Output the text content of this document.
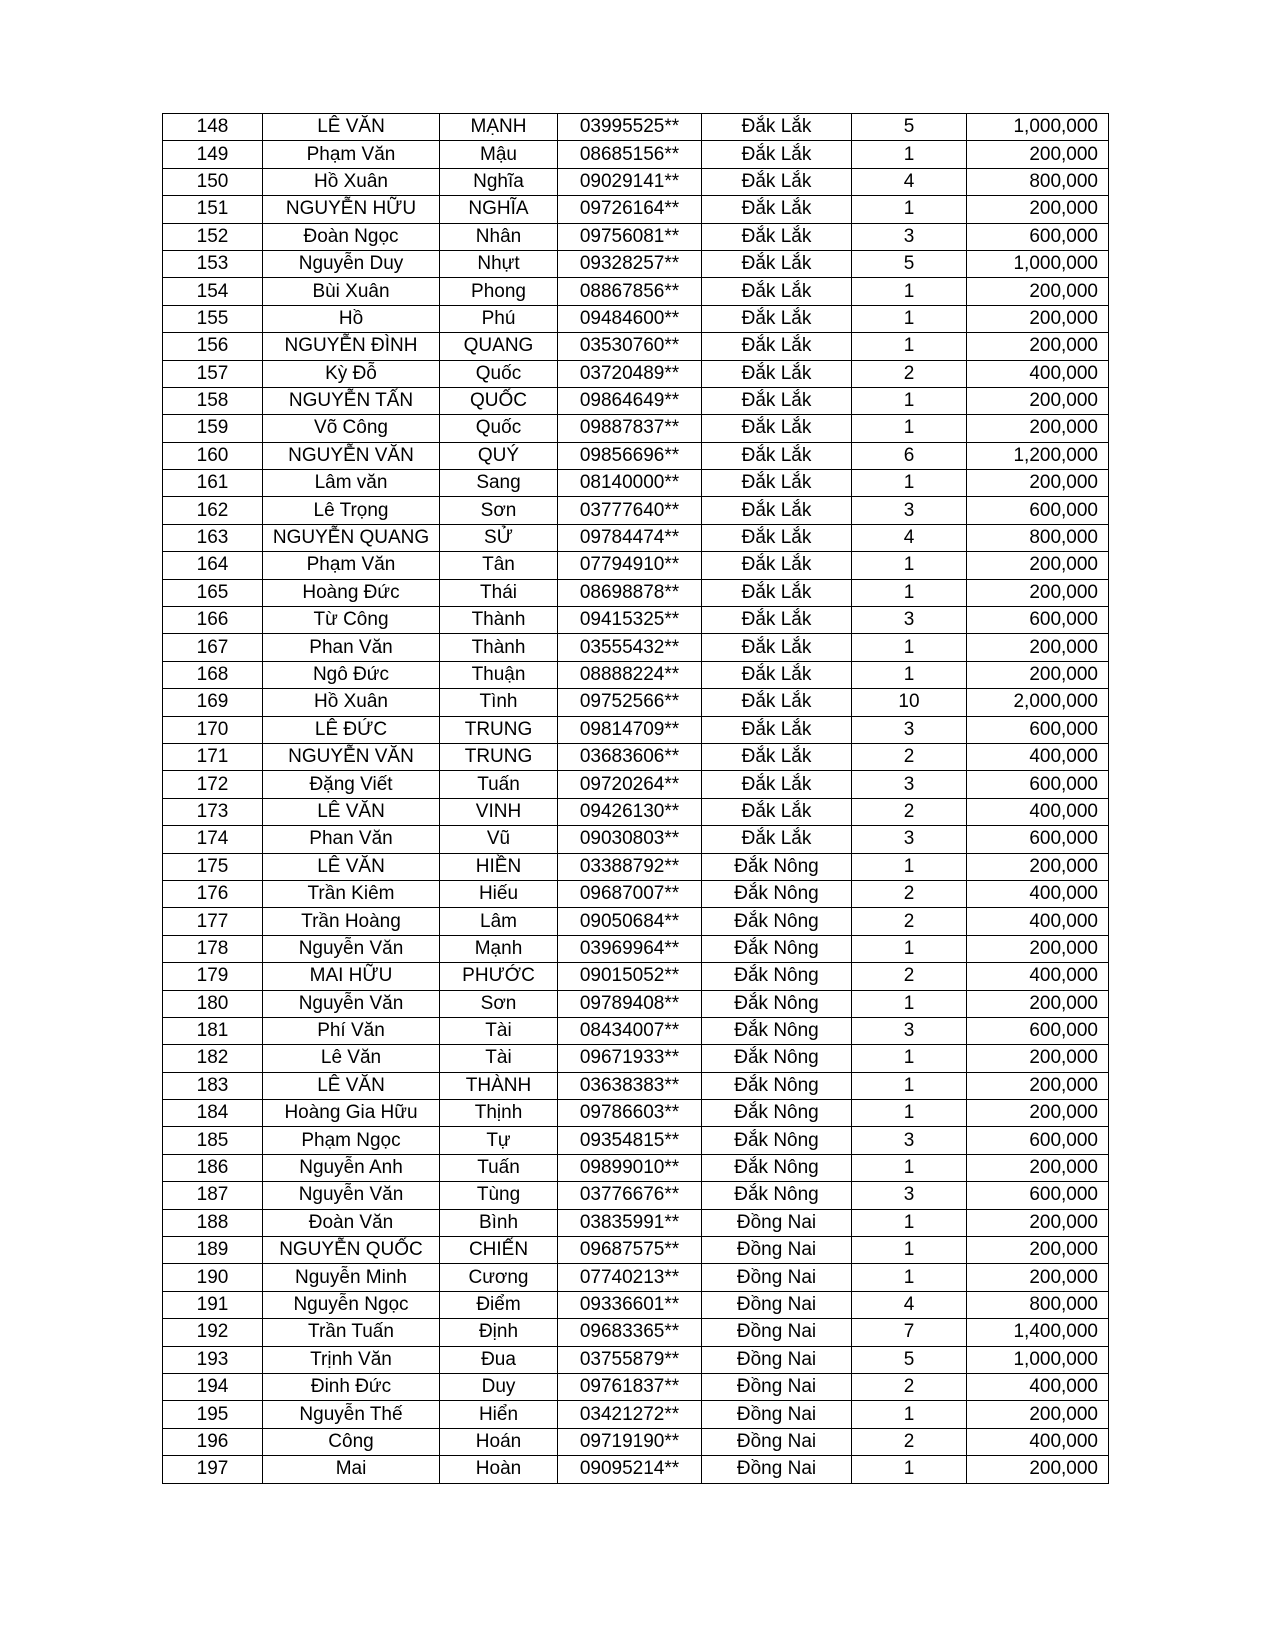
148	LÊ VĂN	MẠNH	03995525**	Đắk Lắk	5	1,000,000
149	Phạm Văn	Mậu	08685156**	Đắk Lắk	1	200,000
150	Hồ Xuân	Nghĩa	09029141**	Đắk Lắk	4	800,000
151	NGUYỄN HỮU	NGHĨA	09726164**	Đắk Lắk	1	200,000
152	Đoàn Ngọc	Nhân	09756081**	Đắk Lắk	3	600,000
153	Nguyễn Duy	Nhựt	09328257**	Đắk Lắk	5	1,000,000
154	Bùi Xuân	Phong	08867856**	Đắk Lắk	1	200,000
155	Hồ	Phú	09484600**	Đắk Lắk	1	200,000
156	NGUYỄN ĐÌNH	QUANG	03530760**	Đắk Lắk	1	200,000
157	Kỳ Đỗ	Quốc	03720489**	Đắk Lắk	2	400,000
158	NGUYỄN TẤN	QUỐC	09864649**	Đắk Lắk	1	200,000
159	Võ Công	Quốc	09887837**	Đắk Lắk	1	200,000
160	NGUYỄN VĂN	QUÝ	09856696**	Đắk Lắk	6	1,200,000
161	Lâm văn	Sang	08140000**	Đắk Lắk	1	200,000
162	Lê Trọng	Sơn	03777640**	Đắk Lắk	3	600,000
163	NGUYỄN QUANG	SỬ	09784474**	Đắk Lắk	4	800,000
164	Phạm Văn	Tân	07794910**	Đắk Lắk	1	200,000
165	Hoàng Đức	Thái	08698878**	Đắk Lắk	1	200,000
166	Từ Công	Thành	09415325**	Đắk Lắk	3	600,000
167	Phan Văn	Thành	03555432**	Đắk Lắk	1	200,000
168	Ngô Đức	Thuận	08888224**	Đắk Lắk	1	200,000
169	Hồ Xuân	Tình	09752566**	Đắk Lắk	10	2,000,000
170	LÊ ĐỨC	TRUNG	09814709**	Đắk Lắk	3	600,000
171	NGUYỄN VĂN	TRUNG	03683606**	Đắk Lắk	2	400,000
172	Đặng Viết	Tuấn	09720264**	Đắk Lắk	3	600,000
173	LÊ VĂN	VINH	09426130**	Đắk Lắk	2	400,000
174	Phan Văn	Vũ	09030803**	Đắk Lắk	3	600,000
175	LÊ VĂN	HIỀN	03388792**	Đắk Nông	1	200,000
176	Trần Kiêm	Hiếu	09687007**	Đắk Nông	2	400,000
177	Trần Hoàng	Lâm	09050684**	Đắk Nông	2	400,000
178	Nguyễn Văn	Mạnh	03969964**	Đắk Nông	1	200,000
179	MAI HỮU	PHƯỚC	09015052**	Đắk Nông	2	400,000
180	Nguyễn Văn	Sơn	09789408**	Đắk Nông	1	200,000
181	Phí Văn	Tài	08434007**	Đắk Nông	3	600,000
182	Lê Văn	Tài	09671933**	Đắk Nông	1	200,000
183	LÊ VĂN	THÀNH	03638383**	Đắk Nông	1	200,000
184	Hoàng Gia Hữu	Thịnh	09786603**	Đắk Nông	1	200,000
185	Phạm Ngọc	Tự	09354815**	Đắk Nông	3	600,000
186	Nguyễn Anh	Tuấn	09899010**	Đắk Nông	1	200,000
187	Nguyễn Văn	Tùng	03776676**	Đắk Nông	3	600,000
188	Đoàn Văn	Bình	03835991**	Đồng Nai	1	200,000
189	NGUYỄN QUỐC	CHIẾN	09687575**	Đồng Nai	1	200,000
190	Nguyễn Minh	Cương	07740213**	Đồng Nai	1	200,000
191	Nguyễn Ngọc	Điểm	09336601**	Đồng Nai	4	800,000
192	Trần Tuấn	Định	09683365**	Đồng Nai	7	1,400,000
193	Trịnh Văn	Đua	03755879**	Đồng Nai	5	1,000,000
194	Đinh Đức	Duy	09761837**	Đồng Nai	2	400,000
195	Nguyễn Thế	Hiển	03421272**	Đồng Nai	1	200,000
196	Công	Hoán	09719190**	Đồng Nai	2	400,000
197	Mai	Hoàn	09095214**	Đồng Nai	1	200,000
